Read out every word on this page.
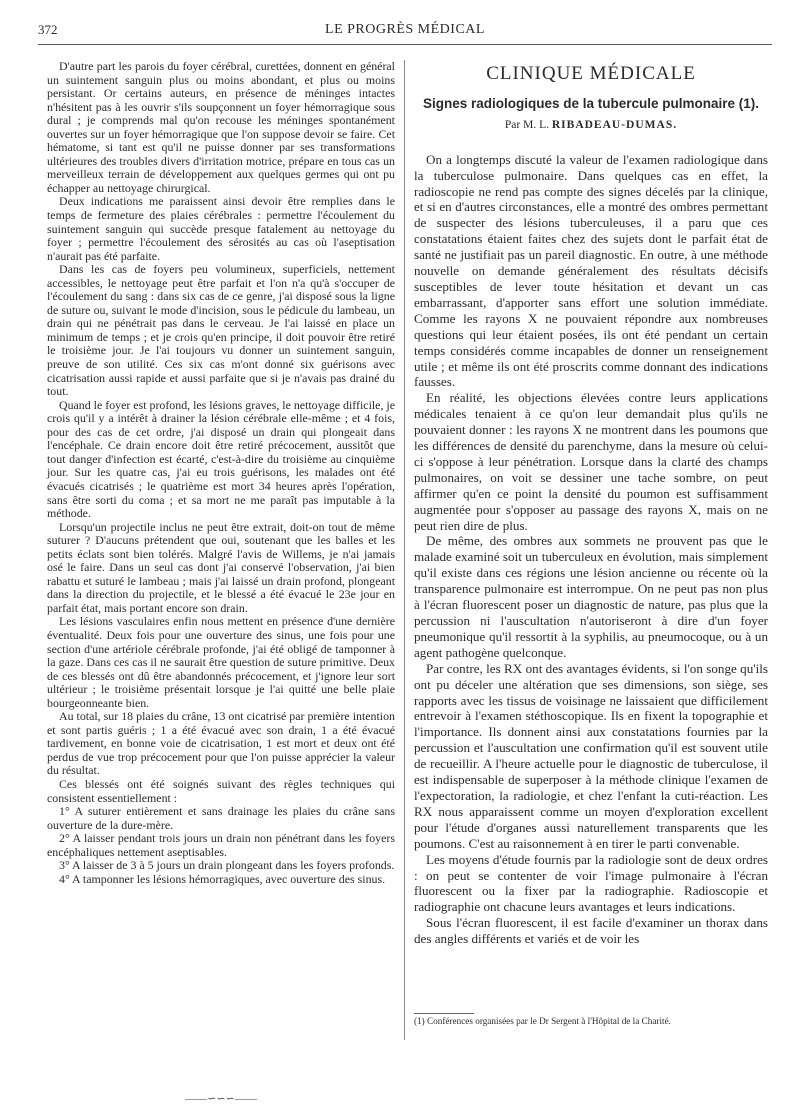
372	LE PROGRÈS MÉDICAL

D'autre part les parois du foyer cérébral, curettées, donnent en général un suintement sanguin plus ou moins abondant, et plus ou moins persistant. Or certains auteurs, en présence de méninges intactes n'hésitent pas à les ouvrir s'ils soupçonnent un foyer hémorragique sous dural ; je comprends mal qu'on recouse les méninges spontanément ouvertes sur un foyer hémorragique que l'on suppose devoir se faire. Cet hématome, si tant est qu'il ne puisse donner par ses transformations ultérieures des troubles divers d'irritation motrice, prépare en tous cas un merveilleux terrain de développement aux quelques germes qui ont pu échapper au nettoyage chirurgical.

Deux indications me paraissent ainsi devoir être remplies dans le temps de fermeture des plaies cérébrales : permettre l'écoulement du suintement sanguin qui succède presque fatalement au nettoyage du foyer ; permettre l'écoulement des sérosités au cas où l'aseptisation n'aurait pas été parfaite.

Dans les cas de foyers peu volumineux, superficiels, nettement accessibles, le nettoyage peut être parfait et l'on n'a qu'à s'occuper de l'écoulement du sang : dans six cas de ce genre, j'ai disposé sous la ligne de suture ou, suivant le mode d'incision, sous le pédicule du lambeau, un drain qui ne pénétrait pas dans le cerveau. Je l'ai laissé en place un minimum de temps ; et je crois qu'en principe, il doit pouvoir être retiré le troisième jour. Je l'ai toujours vu donner un suintement sanguin, preuve de son utilité. Ces six cas m'ont donné six guérisons avec cicatrisation aussi rapide et aussi parfaite que si je n'avais pas drainé du tout.

Quand le foyer est profond, les lésions graves, le nettoyage difficile, je crois qu'il y a intérêt à drainer la lésion cérébrale elle-même ; et 4 fois, pour des cas de cet ordre, j'ai disposé un drain qui plongeait dans l'encéphale. Ce drain encore doit être retiré précocement, aussitôt que tout danger d'infection est écarté, c'est-à-dire du troisième au cinquième jour. Sur les quatre cas, j'ai eu trois guérisons, les malades ont été évacués cicatrisés ; le quatrième est mort 34 heures après l'opération, sans être sorti du coma ; et sa mort ne me paraît pas imputable à la méthode.

Lorsqu'un projectile inclus ne peut être extrait, doit-on tout de même suturer ? D'aucuns prétendent que oui, soutenant que les balles et les petits éclats sont bien tolérés. Malgré l'avis de Willems, je n'ai jamais osé le faire. Dans un seul cas dont j'ai conservé l'observation, j'ai bien rabattu et suturé le lambeau ; mais j'ai laissé un drain profond, plongeant dans la direction du projectile, et le blessé a été évacué le 23e jour en parfait état, mais portant encore son drain.

Les lésions vasculaires enfin nous mettent en présence d'une dernière éventualité. Deux fois pour une ouverture des sinus, une fois pour une section d'une artériole cérébrale profonde, j'ai été obligé de tamponner à la gaze. Dans ces cas il ne saurait être question de suture primitive. Deux de ces blessés ont dû être abandonnés précocement, et j'ignore leur sort ultérieur ; le troisième présentait lorsque je l'ai quitté une belle plaie bourgeonneante bien.

Au total, sur 18 plaies du crâne, 13 ont cicatrisé par première intention et sont partis guéris ; 1 a été évacué avec son drain, 1 a été évacué tardivement, en bonne voie de cicatrisation, 1 est mort et deux ont été perdus de vue trop précocement pour que l'on puisse apprécier la valeur du résultat.

Ces blessés ont été soignés suivant des règles techniques qui consistent essentiellement :

1° A suturer entièrement et sans drainage les plaies du crâne sans ouverture de la dure-mère.

2° A laisser pendant trois jours un drain non pénétrant dans les foyers encéphaliques nettement aseptisables.

3° A laisser de 3 à 5 jours un drain plongeant dans les foyers profonds.

4° A tamponner les lésions hémorragiques, avec ouverture des sinus.

——∽∽∽——
CLINIQUE MÉDICALE
Signes radiologiques de la tubercule pulmonaire (1).
Par M. L. RIBADEAU-DUMAS.

On a longtemps discuté la valeur de l'examen radiologique dans la tuberculose pulmonaire. Dans quelques cas en effet, la radioscopie ne rend pas compte des signes décelés par la clinique, et si en d'autres circonstances, elle a montré des ombres permettant de suspecter des lésions tuberculeuses, il a paru que ces constatations étaient faites chez des sujets dont le parfait état de santé ne justifiait pas un pareil diagnostic. En outre, à une méthode nouvelle on demande généralement des résultats décisifs susceptibles de lever toute hésitation et devant un cas embarrassant, d'apporter sans effort une solution immédiate. Comme les rayons X ne pouvaient répondre aux nombreuses questions qui leur étaient posées, ils ont été pendant un certain temps considérés comme incapables de donner un renseignement utile ; et même ils ont été proscrits comme donnant des indications fausses.

En réalité, les objections élevées contre leurs applications médicales tenaient à ce qu'on leur demandait plus qu'ils ne pouvaient donner : les rayons X ne montrent dans les poumons que les différences de densité du parenchyme, dans la mesure où celui-ci s'oppose à leur pénétration. Lorsque dans la clarté des champs pulmonaires, on voit se dessiner une tache sombre, on peut affirmer qu'en ce point la densité du poumon est suffisamment augmentée pour s'opposer au passage des rayons X, mais on ne peut rien dire de plus.

De même, des ombres aux sommets ne prouvent pas que le malade examiné soit un tuberculeux en évolution, mais simplement qu'il existe dans ces régions une lésion ancienne ou récente où la transparence pulmonaire est interrompue. On ne peut pas non plus à l'écran fluorescent poser un diagnostic de nature, pas plus que la percussion ni l'auscultation n'autoriseront à dire d'un foyer pneumonique qu'il ressortit à la syphilis, au pneumocoque, ou à un agent pathogène quelconque.

Par contre, les RX ont des avantages évidents, si l'on songe qu'ils ont pu déceler une altération que ses dimensions, son siège, ses rapports avec les tissus de voisinage ne laissaient que difficilement entrevoir à l'examen stéthoscopique. Ils en fixent la topographie et l'importance. Ils donnent ainsi aux constatations fournies par la percussion et l'auscultation une confirmation qu'il est souvent utile de recueillir. A l'heure actuelle pour le diagnostic de tuberculose, il est indispensable de superposer à la méthode clinique l'examen de l'expectoration, la radiologie, et chez l'enfant la cuti-réaction. Les RX nous apparaissent comme un moyen d'exploration excellent pour l'étude d'organes aussi naturellement transparents que les poumons. C'est au raisonnement à en tirer le parti convenable.

Les moyens d'étude fournis par la radiologie sont de deux ordres : on peut se contenter de voir l'image pulmonaire à l'écran fluorescent ou la fixer par la radiographie. Radioscopie et radiographie ont chacune leurs avantages et leurs indications.

Sous l'écran fluorescent, il est facile d'examiner un thorax dans des angles différents et variés et de voir les

(1) Conférences organisées par le Dr Sergent à l'Hôpital de la Charité.
